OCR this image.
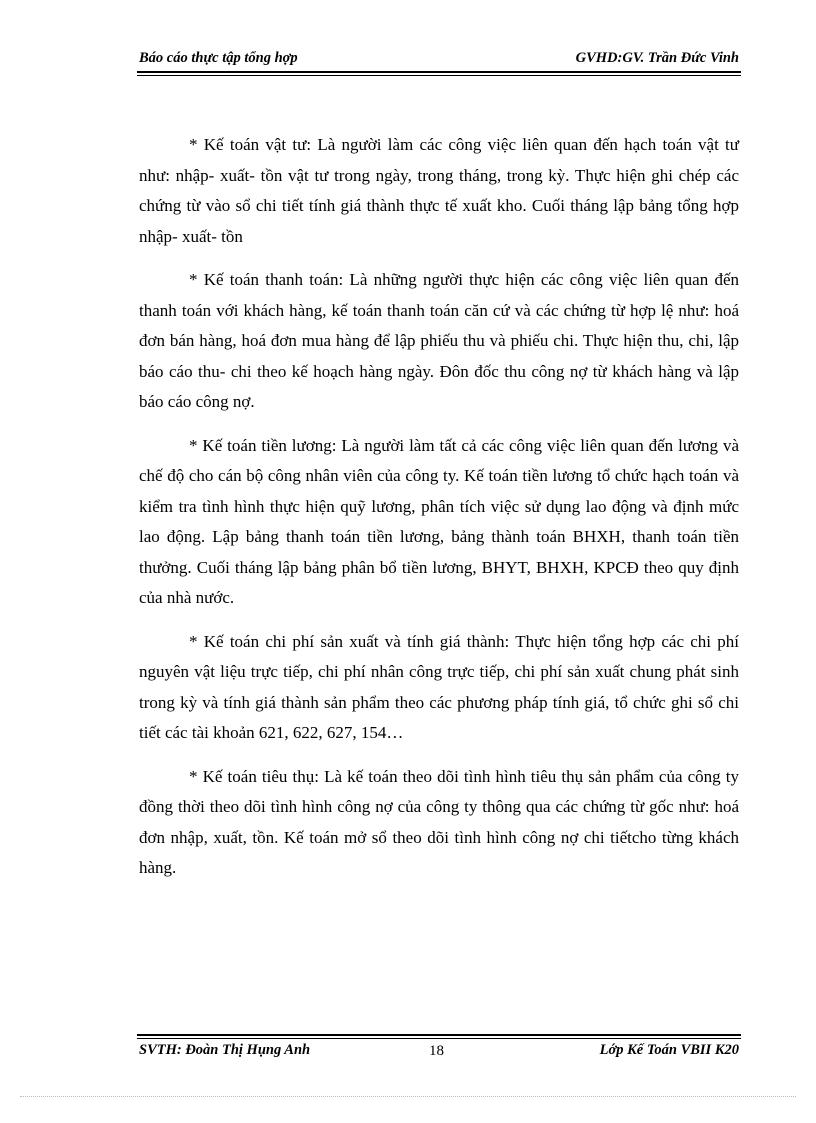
Báo cáo thực tập tổng hợp	GVHD:GV. Trần Đức Vinh

* Kế toán vật tư: Là người làm các công việc liên quan đến hạch toán vật tư như: nhập- xuất- tồn vật tư trong ngày, trong tháng, trong kỳ. Thực hiện ghi chép các chứng từ vào sổ chi tiết tính giá thành thực tế xuất kho. Cuối tháng lập bảng tổng hợp nhập- xuất- tồn

* Kế toán thanh toán: Là những người thực hiện các công việc liên quan đến thanh toán với khách hàng, kế toán thanh toán căn cứ và các chứng từ hợp lệ như: hoá đơn bán hàng, hoá đơn mua hàng để lập phiếu thu và phiếu chi. Thực hiện thu, chi, lập báo cáo thu- chi theo kế hoạch hàng ngày. Đôn đốc thu công nợ từ khách hàng và lập báo cáo công nợ.

* Kế toán tiền lương: Là người làm tất cả các công việc liên quan đến lương và chế độ cho cán bộ công nhân viên của công ty. Kế toán tiền lương tổ chức hạch toán và kiểm tra tình hình thực hiện quỹ lương, phân tích việc sử dụng lao động và định mức lao động. Lập bảng thanh toán tiền lương, bảng thành toán BHXH, thanh toán tiền thưởng. Cuối tháng lập bảng phân bổ tiền lương, BHYT, BHXH, KPCĐ theo quy định của nhà nước.

* Kế toán chi phí sản xuất và tính giá thành: Thực hiện tổng hợp các chi phí nguyên vật liệu trực tiếp, chi phí nhân công trực tiếp, chi phí sản xuất chung phát sinh trong kỳ và tính giá thành sản phẩm theo các phương pháp tính giá, tổ chức ghi sổ chi tiết các tài khoản 621, 622, 627, 154…

* Kế toán tiêu thụ: Là kế toán theo dõi tình hình tiêu thụ sản phẩm của công ty đồng thời theo dõi tình hình công nợ của công ty thông qua các chứng từ gốc như: hoá đơn nhập, xuất, tồn. Kế toán mở sổ theo dõi tình hình công nợ chi tiếtcho từng khách hàng.

SVTH: Đoàn Thị Hụng Anh	18	Lớp Kế Toán VBII K20
